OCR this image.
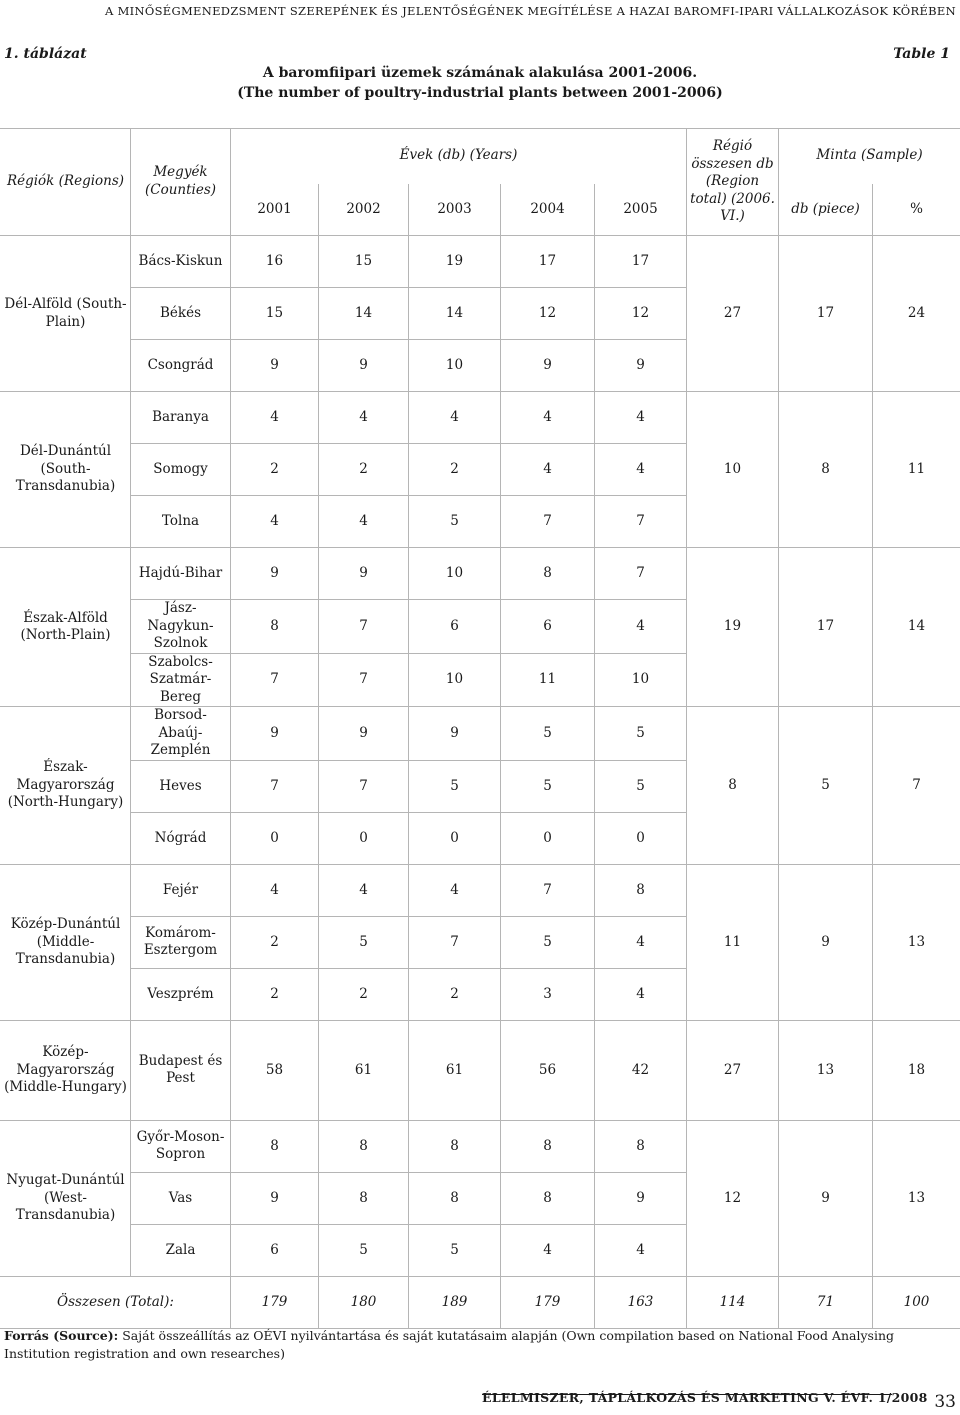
A MINŐSÉGMENEDZSMENT SZEREPÉNEK ÉS JELENTŐSÉGÉNEK MEGÍTÉLÉSE A HAZAI BAROMFI-IPARI VÁLLALKOZÁSOK KÖRÉBEN
1. táblázat	Table 1
A baromfiipari üzemek számának alakulása 2001-2006.
(The number of poultry-industrial plants between 2001-2006)
Régiók (Regions)	Megyék (Counties)	Évek (db) (Years)					Régió összesen db (Region total) (2006. VI.)	Minta (Sample)	
		2001	2002	2003	2004	2005		db (piece)	%
Dél-Alföld (South-Plain)	Bács-Kiskun	16	15	19	17	17	27	17	24
	Békés	15	14	14	12	12			
	Csongrád	9	9	10	9	9			
Dél-Dunántúl (South-Transdanubia)	Baranya	4	4	4	4	4	10	8	11
	Somogy	2	2	2	4	4			
	Tolna	4	4	5	7	7			
Észak-Alföld (North-Plain)	Hajdú-Bihar	9	9	10	8	7	19	17	14
	Jász-Nagykun-Szolnok	8	7	6	6	4			
	Szabolcs-Szatmár-Bereg	7	7	10	11	10			
Észak-Magyarország (North-Hungary)	Borsod-Abaúj-Zemplén	9	9	9	5	5	8	5	7
	Heves	7	7	5	5	5			
	Nógrád	0	0	0	0	0			
Közép-Dunántúl (Middle-Transdanubia)	Fejér	4	4	4	7	8	11	9	13
	Komárom-Esztergom	2	5	7	5	4			
	Veszprém	2	2	2	3	4			
Közép-Magyarország (Middle-Hungary)	Budapest és Pest	58	61	61	56	42	27	13	18
Nyugat-Dunántúl (West-Transdanubia)	Győr-Moson-Sopron	8	8	8	8	8	12	9	13
	Vas	9	8	8	8	9			
	Zala	6	5	5	4	4			
Összesen (Total):		179	180	189	179	163	114	71	100
Forrás (Source): Saját összeállítás az OÉVI nyilvántartása és saját kutatásaim alapján (Own compilation based on National Food Analysing Institution registration and own researches)
ÉLELMISZER, TÁPLÁLKOZÁS ÉS MARKETING V. ÉVF. 1/2008 33
